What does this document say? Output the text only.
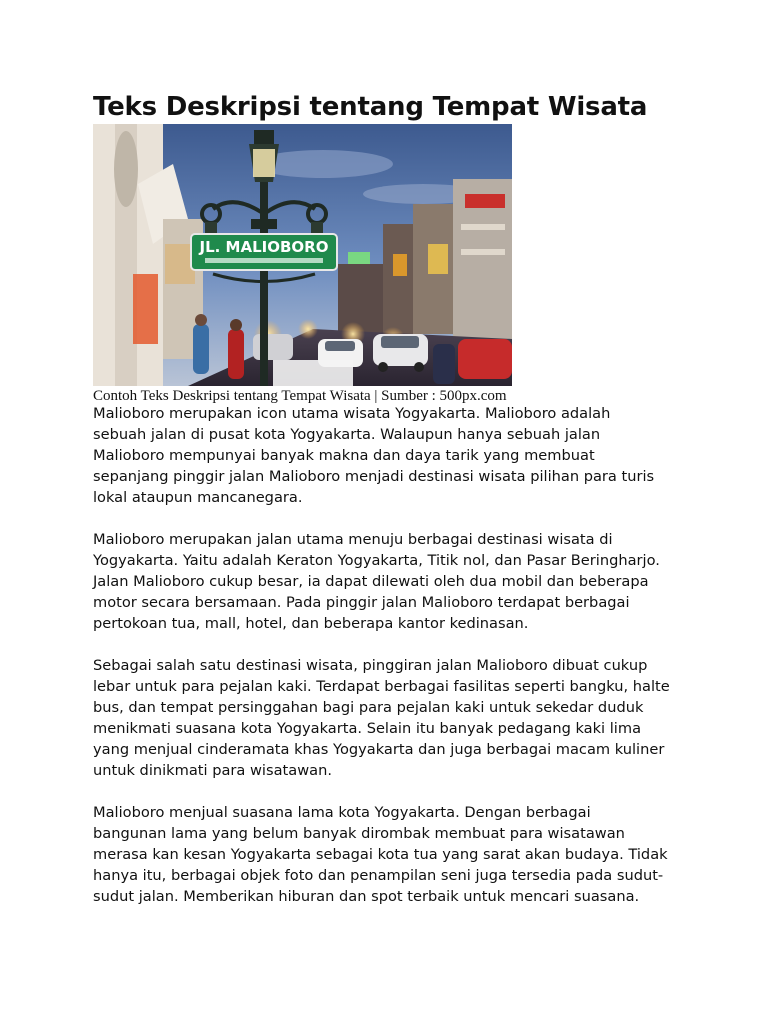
Teks Deskripsi tentang Tempat Wisata
JL. MALIOBORO
Contoh Teks Deskripsi tentang Tempat Wisata | Sumber : 500px.com

Malioboro merupakan icon utama wisata Yogyakarta. Malioboro adalah
sebuah jalan di pusat kota Yogyakarta. Walaupun hanya sebuah jalan
Malioboro mempunyai banyak makna dan daya tarik yang membuat
sepanjang pinggir jalan Malioboro menjadi destinasi wisata pilihan para turis
lokal ataupun mancanegara.

Malioboro merupakan jalan utama menuju berbagai destinasi wisata di
Yogyakarta. Yaitu adalah Keraton Yogyakarta, Titik nol, dan Pasar Beringharjo.
Jalan Malioboro cukup besar, ia dapat dilewati oleh dua mobil dan beberapa
motor secara bersamaan. Pada pinggir jalan Malioboro terdapat berbagai
pertokoan tua, mall, hotel, dan beberapa kantor kedinasan.

Sebagai salah satu destinasi wisata, pinggiran jalan Malioboro dibuat cukup
lebar untuk para pejalan kaki. Terdapat berbagai fasilitas seperti bangku, halte
bus, dan tempat persinggahan bagi para pejalan kaki untuk sekedar duduk
menikmati suasana kota Yogyakarta. Selain itu banyak pedagang kaki lima
yang menjual cinderamata khas Yogyakarta dan juga berbagai macam kuliner
untuk dinikmati para wisatawan.

Malioboro menjual suasana lama kota Yogyakarta. Dengan berbagai
bangunan lama yang belum banyak dirombak membuat para wisatawan
merasa kan kesan Yogyakarta sebagai kota tua yang sarat akan budaya. Tidak
hanya itu, berbagai objek foto dan penampilan seni juga tersedia pada sudut-
sudut jalan. Memberikan hiburan dan spot terbaik untuk mencari suasana.
